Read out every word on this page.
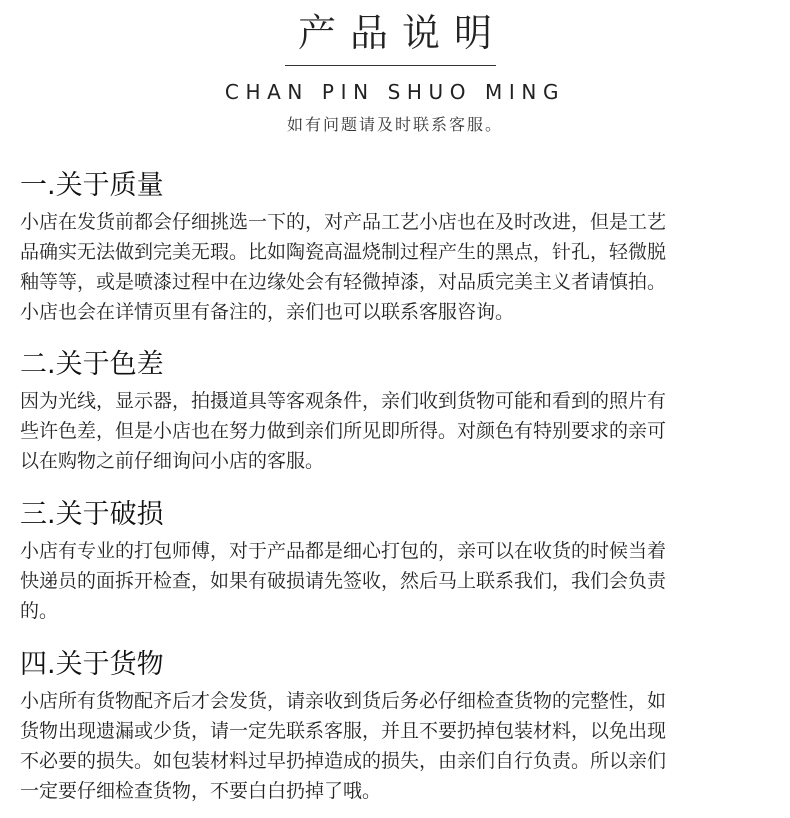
产品说明
CHAN PIN SHUO MING
如有问题请及时联系客服。
一.关于质量
小店在发货前都会仔细挑选一下的，对产品工艺小店也在及时改进，但是工艺
品确实无法做到完美无瑕。比如陶瓷高温烧制过程产生的黑点，针孔，轻微脱
釉等等，或是喷漆过程中在边缘处会有轻微掉漆，对品质完美主义者请慎拍。
小店也会在详情页里有备注的，亲们也可以联系客服咨询。
二.关于色差
因为光线，显示器，拍摄道具等客观条件，亲们收到货物可能和看到的照片有
些许色差，但是小店也在努力做到亲们所见即所得。对颜色有特别要求的亲可
以在购物之前仔细询问小店的客服。
三.关于破损
小店有专业的打包师傅，对于产品都是细心打包的，亲可以在收货的时候当着
快递员的面拆开检查，如果有破损请先签收，然后马上联系我们，我们会负责
的。
四.关于货物
小店所有货物配齐后才会发货，请亲收到货后务必仔细检查货物的完整性，如
货物出现遗漏或少货，请一定先联系客服，并且不要扔掉包装材料，以免出现
不必要的损失。如包装材料过早扔掉造成的损失，由亲们自行负责。所以亲们
一定要仔细检查货物，不要白白扔掉了哦。
